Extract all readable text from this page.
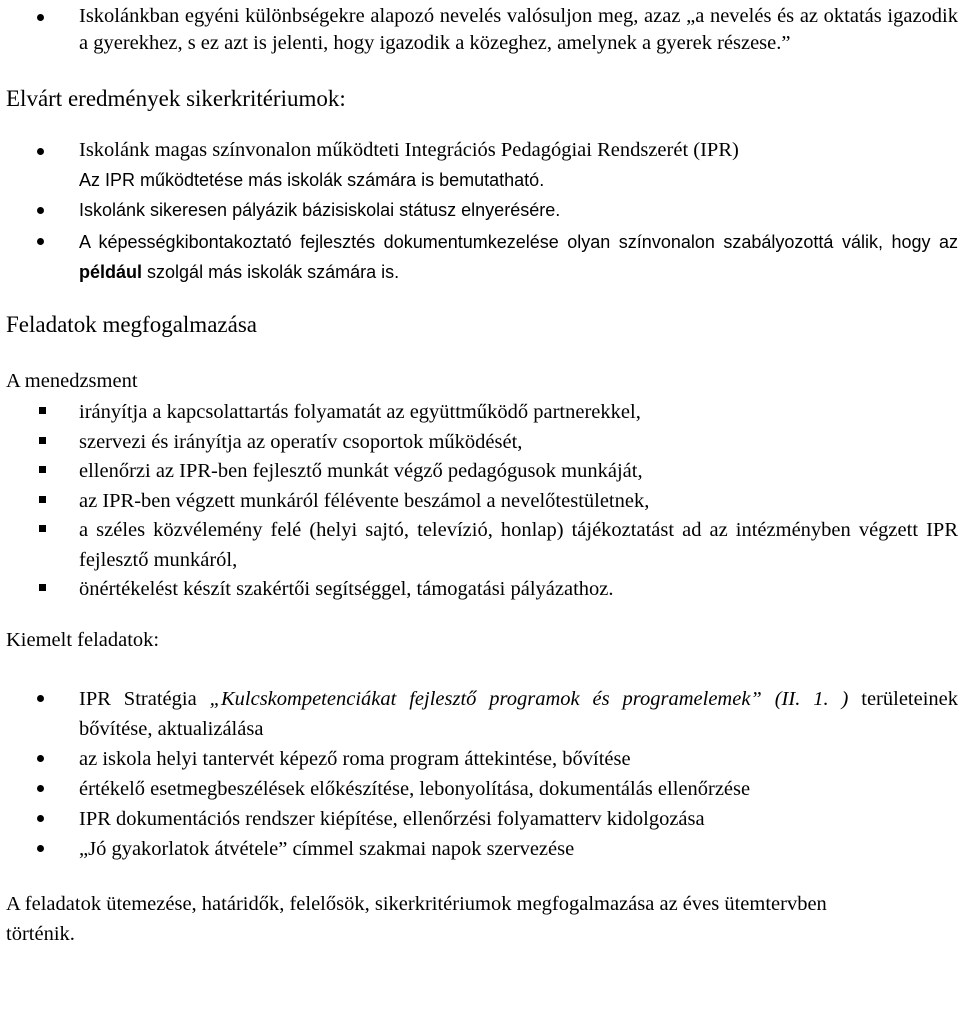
Iskolánkban egyéni különbségekre alapozó nevelés valósuljon meg, azaz „a nevelés és az oktatás igazodik a gyerekhez, s ez azt is jelenti, hogy igazodik a közeghez, amelynek a gyerek részese.”

Elvárt eredmények sikerkritériumok:

Iskolánk magas színvonalon működteti Integrációs Pedagógiai Rendszerét (IPR)
Az IPR működtetése más iskolák számára is bemutatható.
Iskolánk sikeresen pályázik bázisiskolai státusz elnyerésére.
A képességkibontakoztató fejlesztés dokumentumkezelése olyan színvonalon szabályozottá válik, hogy az például szolgál más iskolák számára is.

Feladatok megfogalmazása

A menedzsment

irányítja a kapcsolattartás folyamatát az együttműködő partnerekkel,
szervezi és irányítja az operatív csoportok működését,
ellenőrzi az IPR-ben fejlesztő munkát végző pedagógusok munkáját,
az IPR-ben végzett munkáról félévente beszámol a nevelőtestületnek,
a széles közvélemény felé (helyi sajtó, televízió, honlap) tájékoztatást ad az intézményben végzett IPR fejlesztő munkáról,
önértékelést készít szakértői segítséggel, támogatási pályázathoz.

Kiemelt feladatok:

IPR Stratégia „Kulcskompetenciákat fejlesztő programok és programelemek” (II. 1. ) területeinek bővítése, aktualizálása
az iskola helyi tantervét képező roma program áttekintése, bővítése
értékelő esetmegbeszélések előkészítése, lebonyolítása, dokumentálás ellenőrzése
IPR dokumentációs rendszer kiépítése, ellenőrzési folyamatterv kidolgozása
„Jó gyakorlatok átvétele” címmel szakmai napok szervezése

A feladatok ütemezése, határidők, felelősök, sikerkritériumok megfogalmazása az éves ütemtervben történik.
